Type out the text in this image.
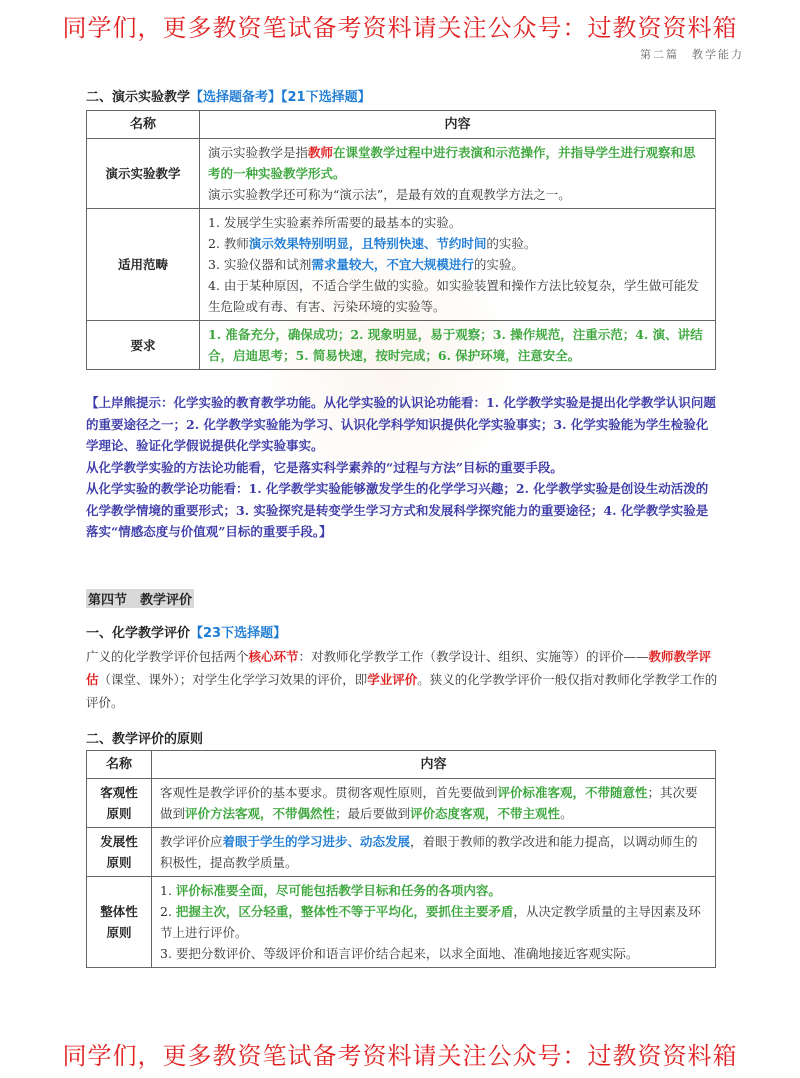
同学们，更多教资笔试备考资料请关注公众号：过教资资料箱
第二篇　教学能力
二、演示实验教学【选择题备考】【21下选择题】
名称	内容
演示实验教学	演示实验教学是指教师在课堂教学过程中进行表演和示范操作，并指导学生进行观察和思考的一种实验教学形式。
演示实验教学还可称为“演示法”，是最有效的直观教学方法之一。
适用范畴	1. 发展学生实验素养所需要的最基本的实验。
2. 教师演示效果特别明显，且特别快速、节约时间的实验。
3. 实验仪器和试剂需求量较大，不宜大规模进行的实验。
4. 由于某种原因，不适合学生做的实验。如实验装置和操作方法比较复杂，学生做可能发生危险或有毒、有害、污染环境的实验等。
要求	1. 准备充分，确保成功；2. 现象明显，易于观察；3. 操作规范，注重示范；4. 演、讲结合，启迪思考；5. 简易快速，按时完成；6. 保护环境，注意安全。

【上岸熊提示：化学实验的教育教学功能。从化学实验的认识论功能看：1. 化学教学实验是提出化学教学认识问题的重要途径之一；2. 化学教学实验能为学习、认识化学科学知识提供化学实验事实；3. 化学实验能为学生检验化学理论、验证化学假说提供化学实验事实。

从化学教学实验的方法论功能看，它是落实科学素养的“过程与方法”目标的重要手段。

从化学实验的教学论功能看：1. 化学教学实验能够激发学生的化学学习兴趣；2. 化学教学实验是创设生动活泼的化学教学情境的重要形式；3. 实验探究是转变学生学习方式和发展科学探究能力的重要途径；4. 化学教学实验是落实“情感态度与价值观”目标的重要手段。】

第四节　教学评价
一、化学教学评价【23下选择题】
广义的化学教学评价包括两个核心环节：对教师化学教学工作（教学设计、组织、实施等）的评价——教师教学评估（课堂、课外）；对学生化学学习效果的评价，即学业评价。狭义的化学教学评价一般仅指对教师化学教学工作的评价。
二、教学评价的原则
名称	内容
客观性原则	客观性是教学评价的基本要求。贯彻客观性原则，首先要做到评价标准客观，不带随意性；其次要做到评价方法客观，不带偶然性；最后要做到评价态度客观，不带主观性。
发展性原则	教学评价应着眼于学生的学习进步、动态发展，着眼于教师的教学改进和能力提高，以调动师生的积极性，提高教学质量。
整体性原则	1. 评价标准要全面，尽可能包括教学目标和任务的各项内容。
2. 把握主次，区分轻重，整体性不等于平均化，要抓住主要矛盾，从决定教学质量的主导因素及环节上进行评价。
3. 要把分数评价、等级评价和语言评价结合起来，以求全面地、准确地接近客观实际。
同学们，更多教资笔试备考资料请关注公众号：过教资资料箱
